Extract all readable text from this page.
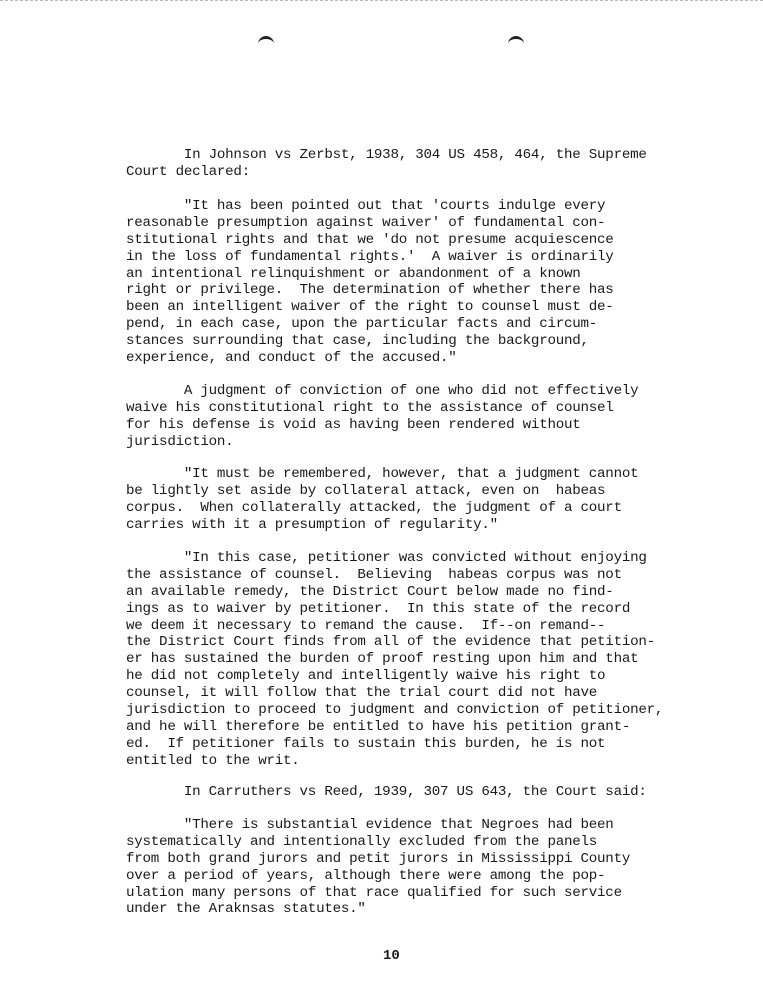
In Johnson vs Zerbst, 1938, 304 US 458, 464, the Supreme
Court declared:

"It has been pointed out that 'courts indulge every
reasonable presumption against waiver' of fundamental con-
stitutional rights and that we 'do not presume acquiescence
in the loss of fundamental rights.'  A waiver is ordinarily
an intentional relinquishment or abandonment of a known
right or privilege.  The determination of whether there has
been an intelligent waiver of the right to counsel must de-
pend, in each case, upon the particular facts and circum-
stances surrounding that case, including the background,
experience, and conduct of the accused."

A judgment of conviction of one who did not effectively
waive his constitutional right to the assistance of counsel
for his defense is void as having been rendered without
jurisdiction.

"It must be remembered, however, that a judgment cannot
be lightly set aside by collateral attack, even on  habeas
corpus.  When collaterally attacked, the judgment of a court
carries with it a presumption of regularity."

"In this case, petitioner was convicted without enjoying
the assistance of counsel.  Believing  habeas corpus was not
an available remedy, the District Court below made no find-
ings as to waiver by petitioner.  In this state of the record
we deem it necessary to remand the cause.  If--on remand--
the District Court finds from all of the evidence that petition-
er has sustained the burden of proof resting upon him and that
he did not completely and intelligently waive his right to
counsel, it will follow that the trial court did not have
jurisdiction to proceed to judgment and conviction of petitioner,
and he will therefore be entitled to have his petition grant-
ed.  If petitioner fails to sustain this burden, he is not
entitled to the writ.

In Carruthers vs Reed, 1939, 307 US 643, the Court said:

"There is substantial evidence that Negroes had been
systematically and intentionally excluded from the panels
from both grand jurors and petit jurors in Mississippi County
over a period of years, although there were among the pop-
ulation many persons of that race qualified for such service
under the Araknsas statutes."
10
